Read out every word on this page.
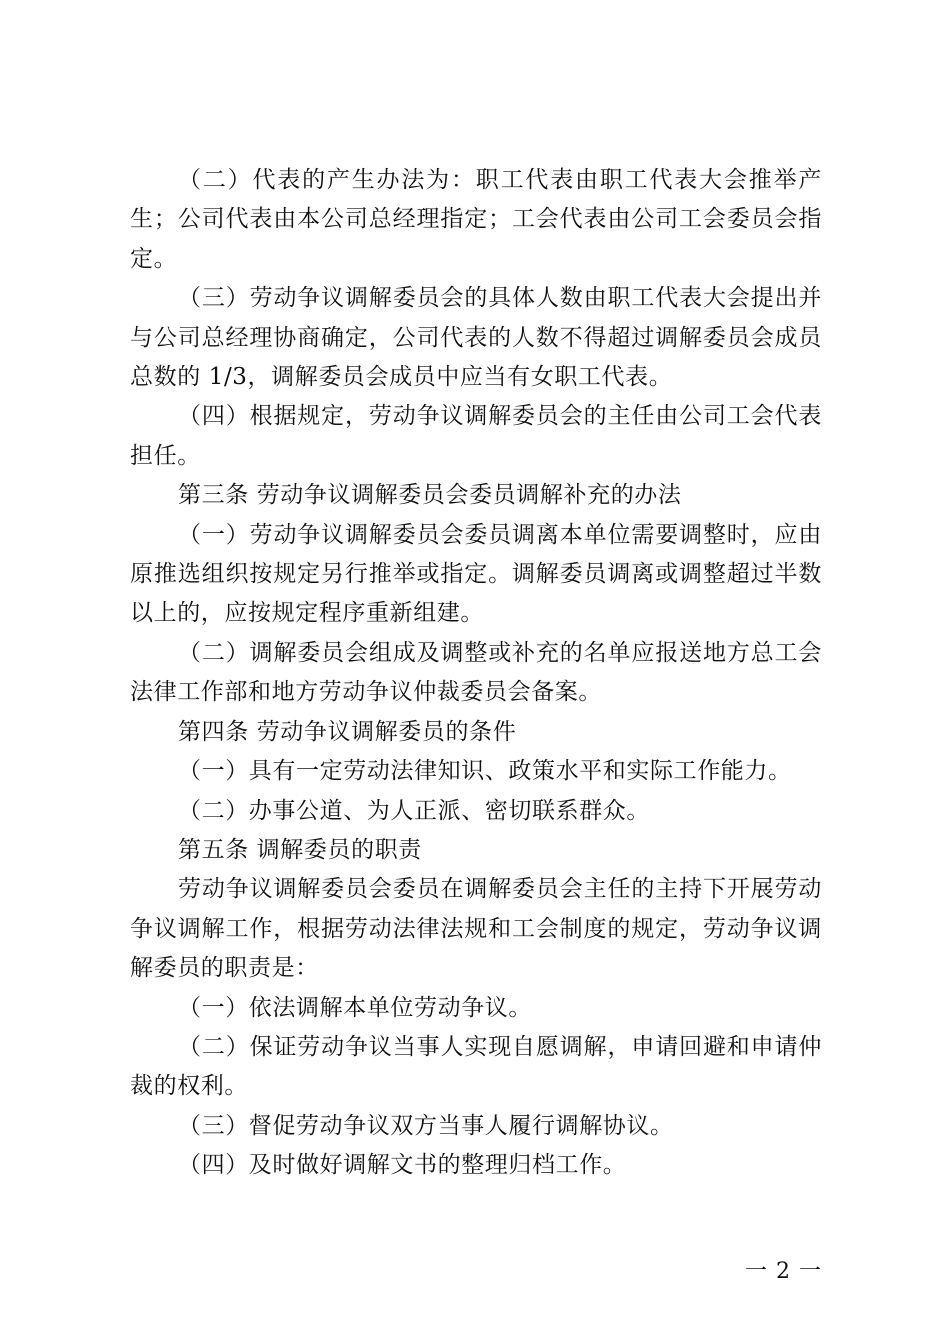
（二）代表的产生办法为：职工代表由职工代表大会推举产生；公司代表由本公司总经理指定；工会代表由公司工会委员会指定。

（三）劳动争议调解委员会的具体人数由职工代表大会提出并与公司总经理协商确定，公司代表的人数不得超过调解委员会成员总数的 1/3，调解委员会成员中应当有女职工代表。

（四）根据规定，劳动争议调解委员会的主任由公司工会代表担任。

第三条 劳动争议调解委员会委员调解补充的办法

（一）劳动争议调解委员会委员调离本单位需要调整时，应由原推选组织按规定另行推举或指定。调解委员调离或调整超过半数以上的，应按规定程序重新组建。

（二）调解委员会组成及调整或补充的名单应报送地方总工会法律工作部和地方劳动争议仲裁委员会备案。

第四条 劳动争议调解委员的条件

（一）具有一定劳动法律知识、政策水平和实际工作能力。

（二）办事公道、为人正派、密切联系群众。

第五条 调解委员的职责

劳动争议调解委员会委员在调解委员会主任的主持下开展劳动争议调解工作，根据劳动法律法规和工会制度的规定，劳动争议调解委员的职责是：

（一）依法调解本单位劳动争议。

（二）保证劳动争议当事人实现自愿调解，申请回避和申请仲裁的权利。

（三）督促劳动争议双方当事人履行调解协议。

（四）及时做好调解文书的整理归档工作。

一 2 一
